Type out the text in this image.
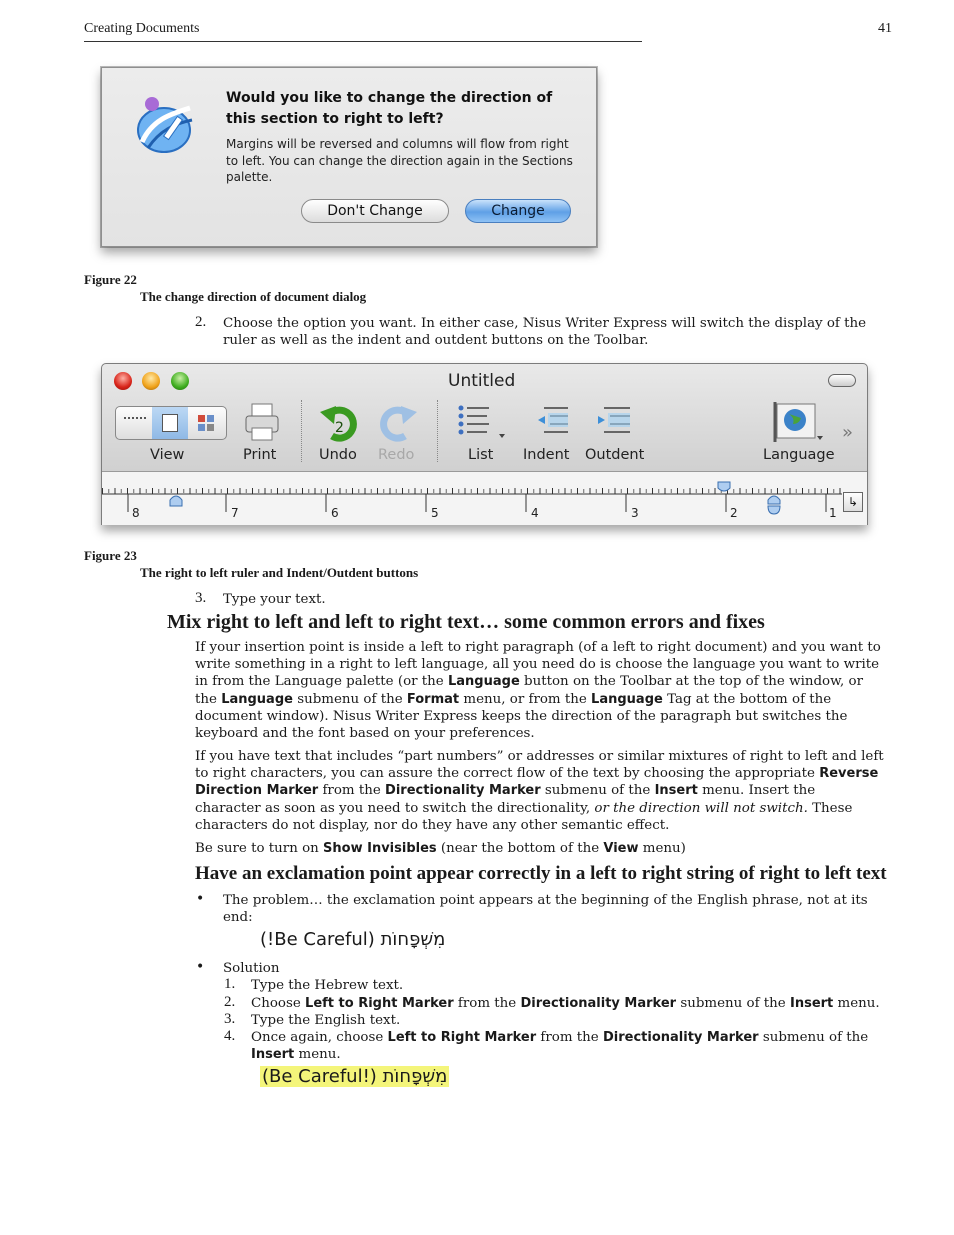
Creating Documents	41
Would you like to change the direction of this section to right to left?
Margins will be reversed and columns will flow from right to left. You can change the direction again in the Sections palette.
Don't Change	Change
Figure 22
The change direction of document dialog
2. Choose the option you want. In either case, Nisus Writer Express will switch the display of the ruler as well as the indent and outdent buttons on the Toolbar.
Untitled
View	Print
2
Undo Redo	List Indent Outdent	Language
»
8	7	6	5	4	3	2	1
↳
Figure 23
The right to left ruler and Indent/Outdent buttons
3. Type your text.
Mix right to left and left to right text… some common errors and fixes
If your insertion point is inside a left to right paragraph (of a left to right document) and you want to write something in a right to left language, all you need do is choose the language you want to write in from the Language palette (or the Language button on the Toolbar at the top of the window, or the Language submenu of the Format menu, or from the Language Tag at the bottom of the document window). Nisus Writer Express keeps the direction of the paragraph but switches the keyboard and the font based on your preferences.
If you have text that includes “part numbers” or addresses or similar mixtures of right to left and left to right characters, you can assure the correct flow of the text by choosing the appropriate Reverse Direction Marker from the Directionality Marker submenu of the Insert menu. Insert the character as soon as you need to switch the directionality, or the direction will not switch. These characters do not display, nor do they have any other semantic effect.
Be sure to turn on Show Invisibles (near the bottom of the View menu)
Have an exclamation point appear correctly in a left to right string of right to left text
• The problem… the exclamation point appears at the beginning of the English phrase, not at its end:
(!Be Careful) מִשְׁפָּחוֹת
• Solution
1. Type the Hebrew text.
2. Choose Left to Right Marker from the Directionality Marker submenu of the Insert menu.
3. Type the English text.
4. Once again, choose Left to Right Marker from the Directionality Marker submenu of the Insert menu.
(Be Careful!) מִשְׁפָּחוֹת
